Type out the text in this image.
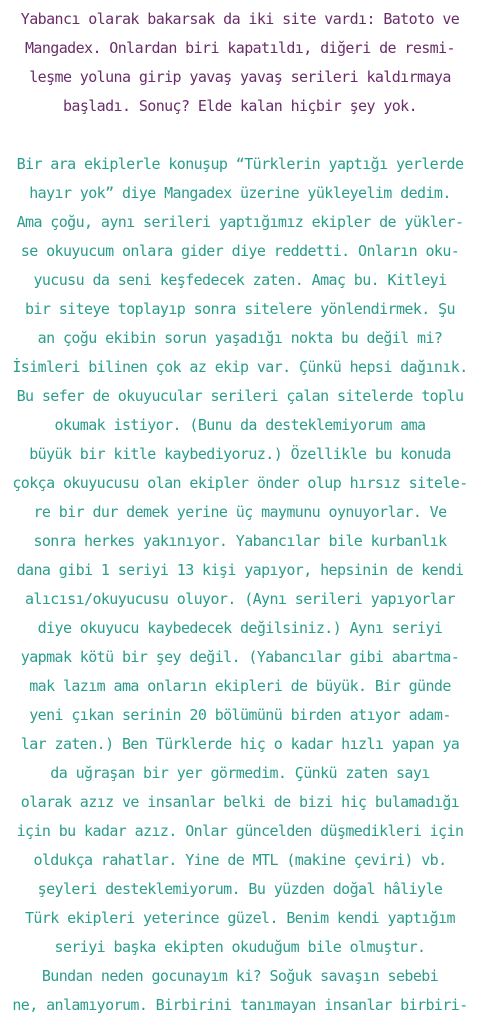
Yabancı olarak bakarsak da iki site vardı: Batoto ve
Mangadex. Onlardan biri kapatıldı, diğeri de resmi-
leşme yoluna girip yavaş yavaş serileri kaldırmaya
başladı. Sonuç? Elde kalan hiçbir şey yok.
Bir ara ekiplerle konuşup “Türklerin yaptığı yerlerde
hayır yok” diye Mangadex üzerine yükleyelim dedim.
Ama çoğu, aynı serileri yaptığımız ekipler de yükler-
se okuyucum onlara gider diye reddetti. Onların oku-
yucusu da seni keşfedecek zaten. Amaç bu. Kitleyi
bir siteye toplayıp sonra sitelere yönlendirmek. Şu
an çoğu ekibin sorun yaşadığı nokta bu değil mi?
İsimleri bilinen çok az ekip var. Çünkü hepsi dağınık.
Bu sefer de okuyucular serileri çalan sitelerde toplu
okumak istiyor. (Bunu da desteklemiyorum ama
büyük bir kitle kaybediyoruz.) Özellikle bu konuda
çokça okuyucusu olan ekipler önder olup hırsız sitele-
re bir dur demek yerine üç maymunu oynuyorlar. Ve
sonra herkes yakınıyor. Yabancılar bile kurbanlık
dana gibi 1 seriyi 13 kişi yapıyor, hepsinin de kendi
alıcısı/okuyucusu oluyor. (Aynı serileri yapıyorlar
diye okuyucu kaybedecek değilsiniz.) Aynı seriyi
yapmak kötü bir şey değil. (Yabancılar gibi abartma-
mak lazım ama onların ekipleri de büyük. Bir günde
yeni çıkan serinin 20 bölümünü birden atıyor adam-
lar zaten.) Ben Türklerde hiç o kadar hızlı yapan ya
da uğraşan bir yer görmedim. Çünkü zaten sayı
olarak azız ve insanlar belki de bizi hiç bulamadığı
için bu kadar azız. Onlar güncelden düşmedikleri için
oldukça rahatlar. Yine de MTL (makine çeviri) vb.
şeyleri desteklemiyorum. Bu yüzden doğal hâliyle
Türk ekipleri yeterince güzel. Benim kendi yaptığım
seriyi başka ekipten okuduğum bile olmuştur.
Bundan neden gocunayım ki? Soğuk savaşın sebebi
ne, anlamıyorum. Birbirini tanımayan insanlar birbiri-
